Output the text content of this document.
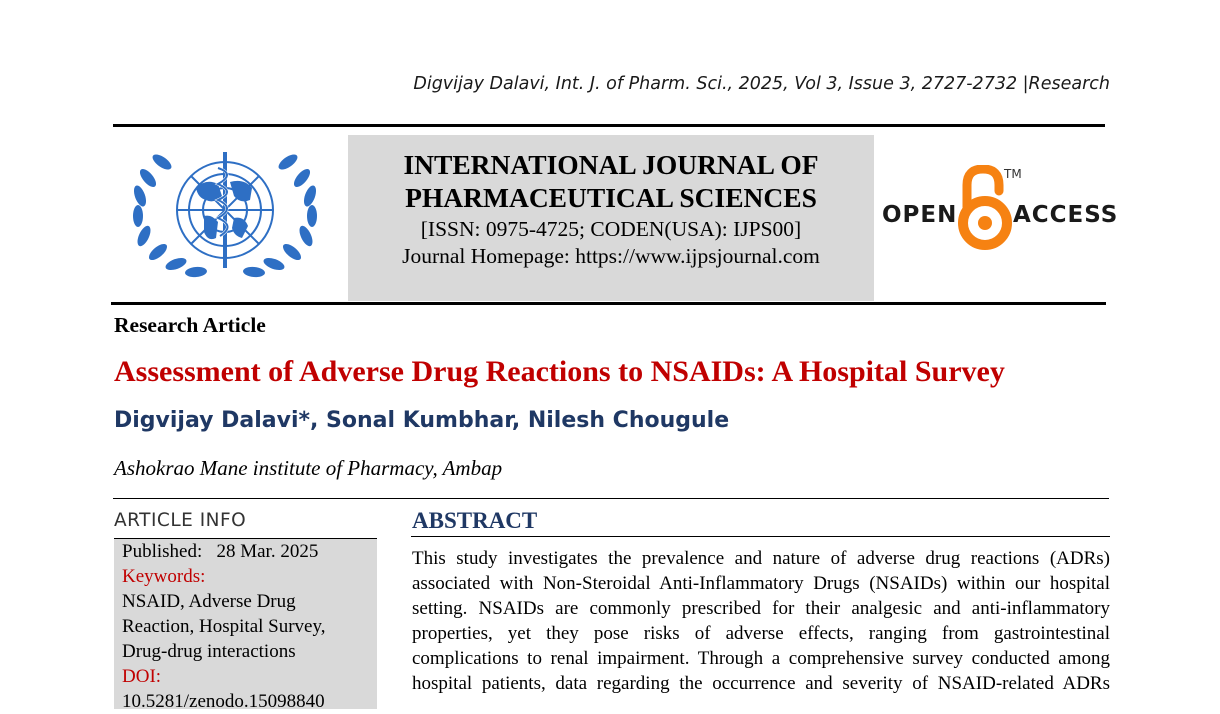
Digvijay Dalavi, Int. J. of Pharm. Sci., 2025, Vol 3, Issue 3, 2727-2732 |Research
INTERNATIONAL JOURNAL OF
PHARMACEUTICAL SCIENCES
[ISSN: 0975-4725; CODEN(USA): IJPS00]
Journal Homepage: https://www.ijpsjournal.com
OPEN
TM
ACCESS
Research Article
Assessment of Adverse Drug Reactions to NSAIDs: A Hospital Survey
Digvijay Dalavi*, Sonal Kumbhar, Nilesh Chougule
Ashokrao Mane institute of Pharmacy, Ambap
ARTICLE INFO
Published: 28 Mar. 2025
Keywords:
NSAID, Adverse Drug
Reaction, Hospital Survey,
Drug-drug interactions
DOI:
10.5281/zenodo.15098840
ABSTRACT
This study investigates the prevalence and nature of adverse drug reactions (ADRs)
associated with Non-Steroidal Anti-Inflammatory Drugs (NSAIDs) within our hospital
setting. NSAIDs are commonly prescribed for their analgesic and anti-inflammatory
properties, yet they pose risks of adverse effects, ranging from gastrointestinal
complications to renal impairment. Through a comprehensive survey conducted among
hospital patients, data regarding the occurrence and severity of NSAID-related ADRs
